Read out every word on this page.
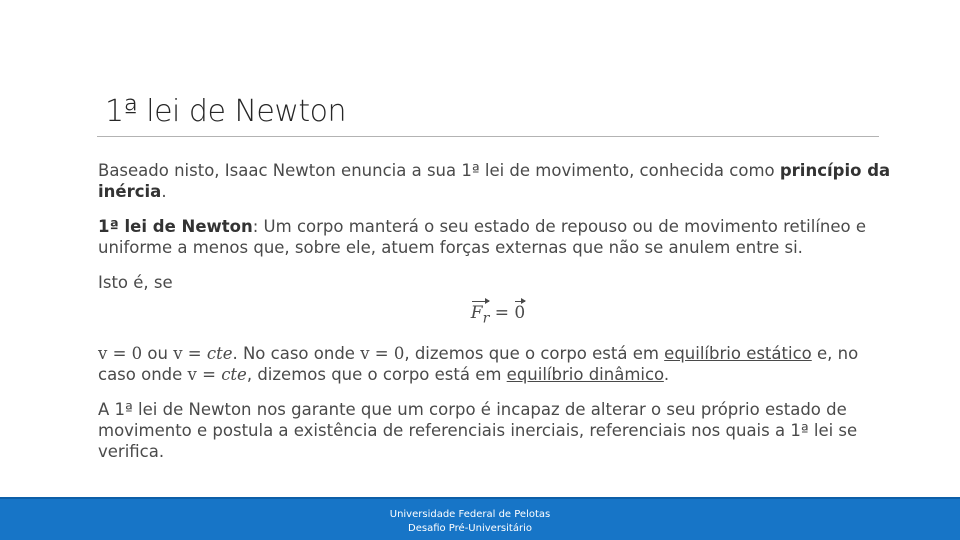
1ª lei de Newton

Baseado nisto, Isaac Newton enuncia a sua 1ª lei de movimento, conhecida como princípio da inércia.

1ª lei de Newton: Um corpo manterá o seu estado de repouso ou de movimento retilíneo e uniforme a menos que, sobre ele, atuem forças externas que não se anulem entre si.

Isto é, se

$F_r = 0$

v = 0 ou v = cte. No caso onde v = 0, dizemos que o corpo está em equilíbrio estático e, no caso onde v = cte, dizemos que o corpo está em equilíbrio dinâmico.

A 1ª lei de Newton nos garante que um corpo é incapaz de alterar o seu próprio estado de movimento e postula a existência de referenciais inerciais, referenciais nos quais a 1ª lei se verifica.

Universidade Federal de Pelotas
Desafio Pré-Universitário
